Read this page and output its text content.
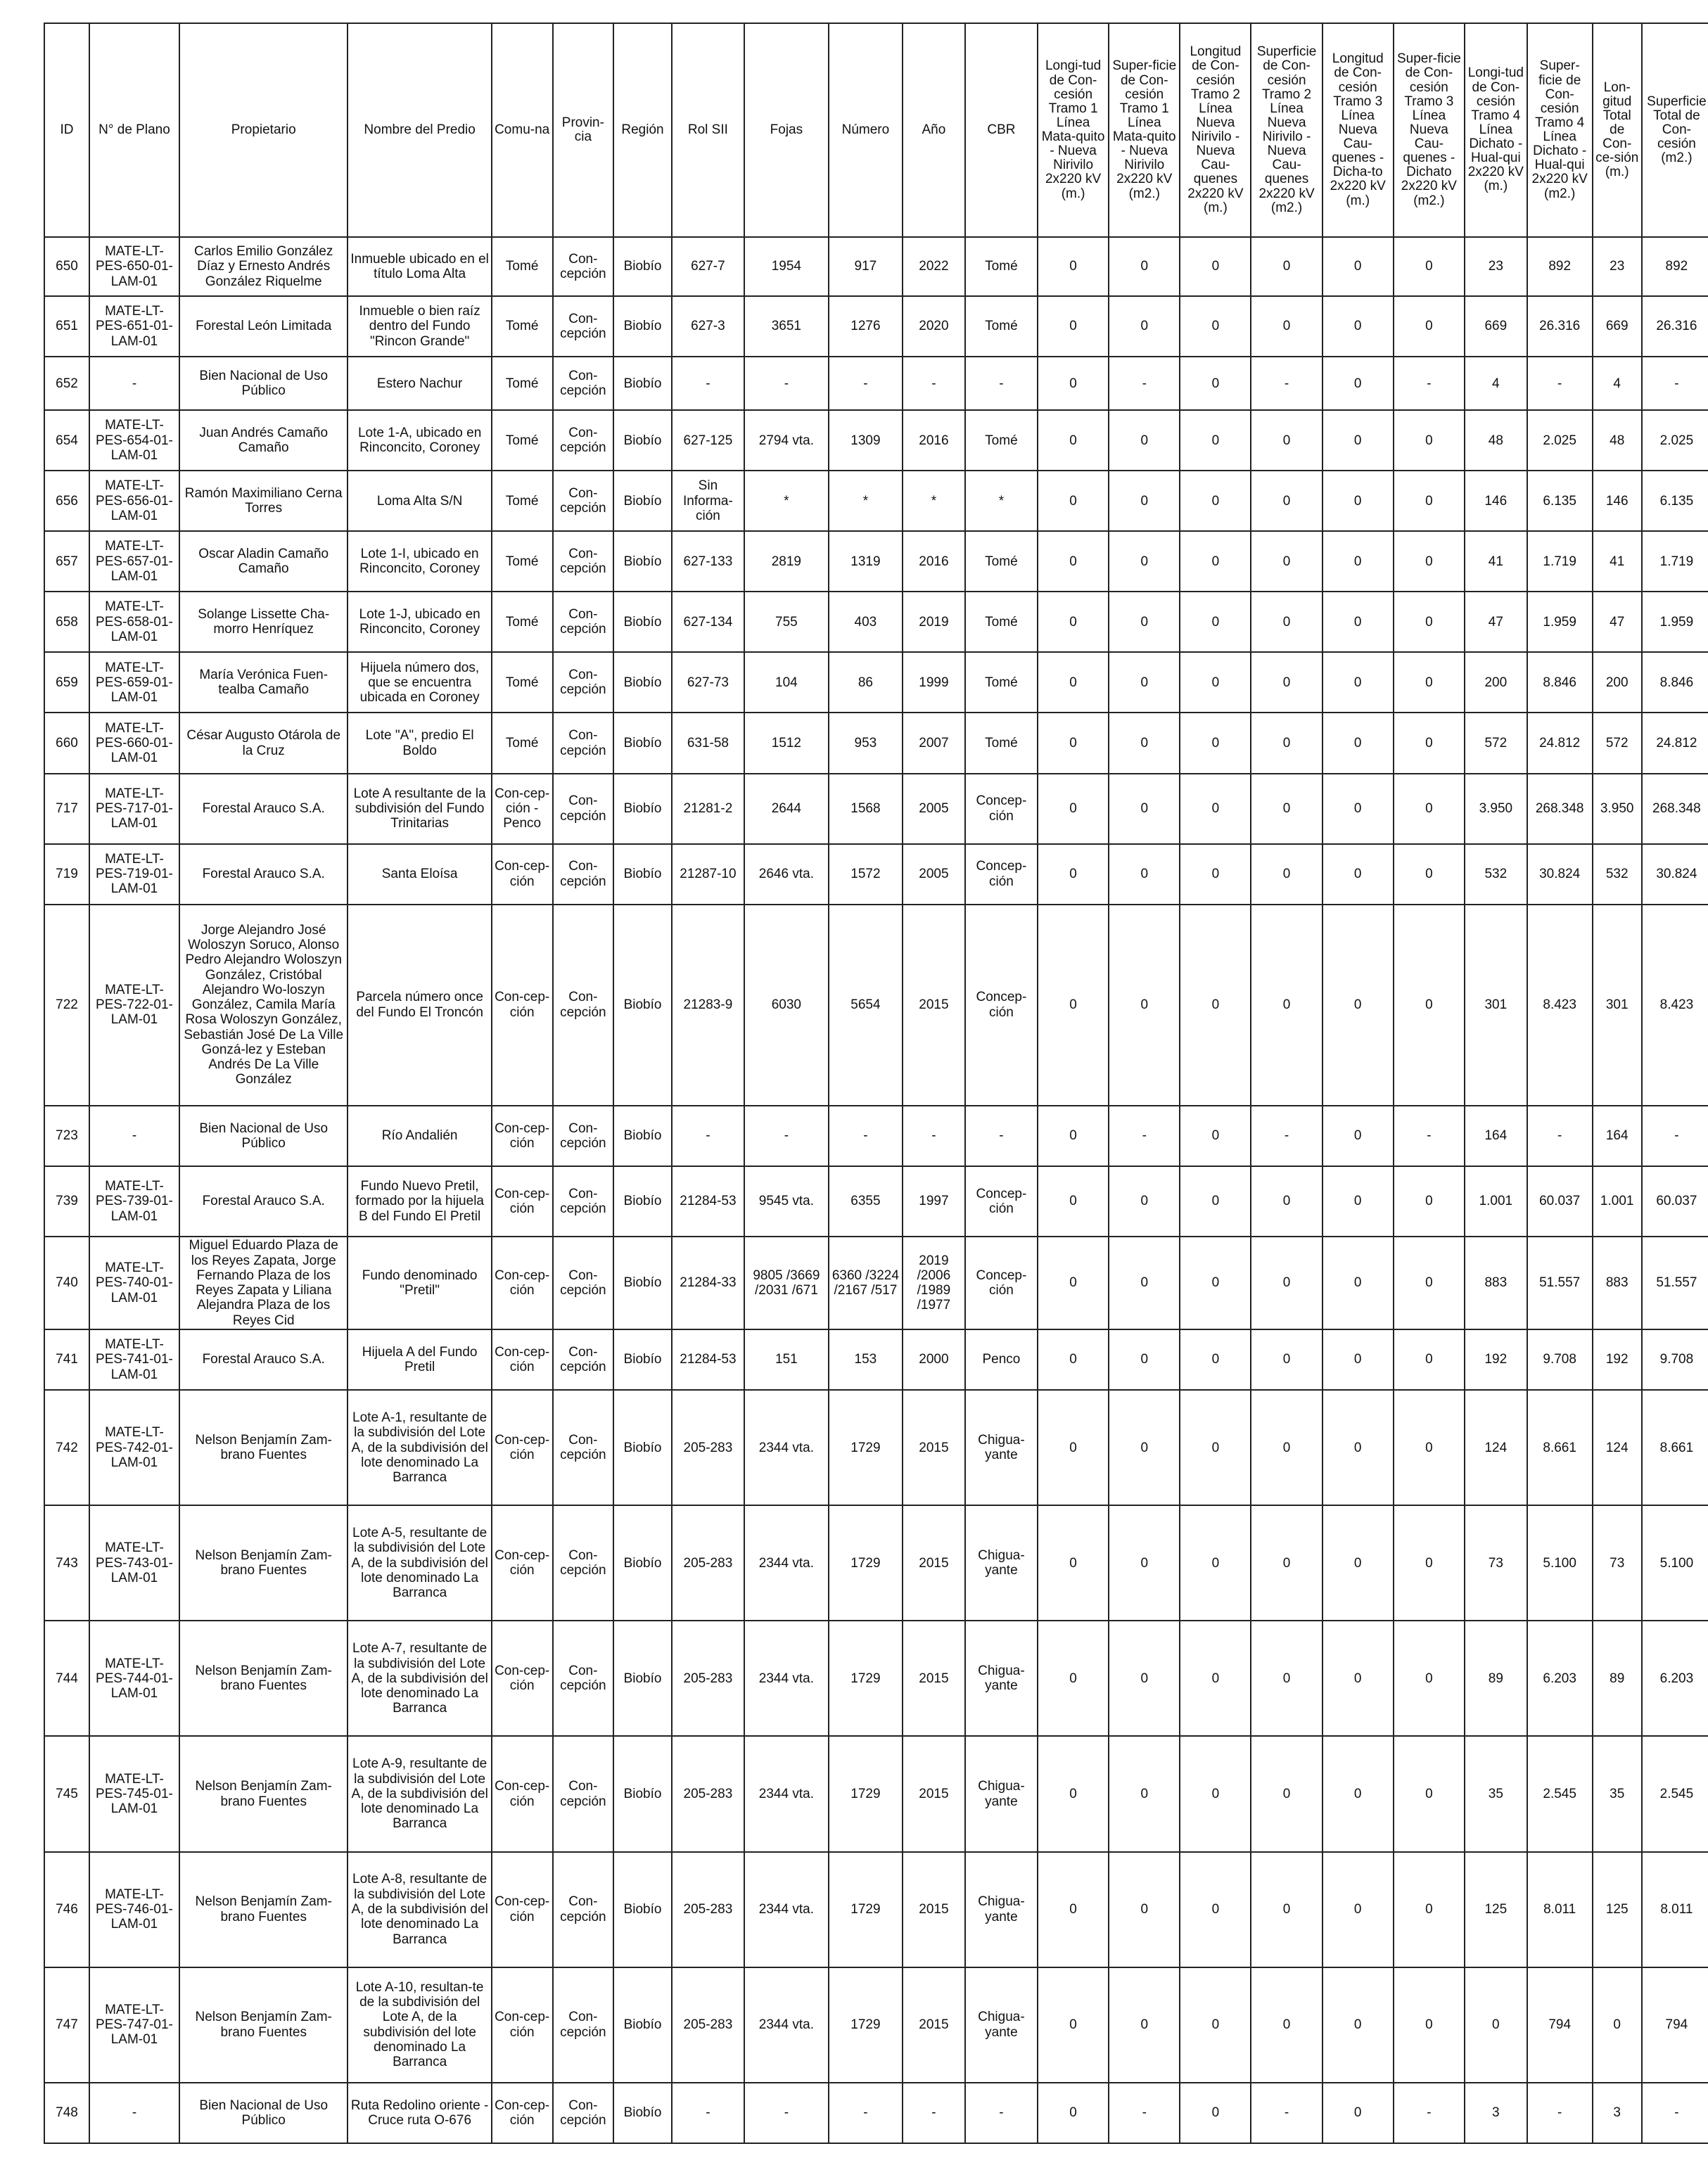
ID	N° de Plano	Propietario	Nombre del Predio	Comu-na	Provin-cia	Región	Rol SII	Fojas	Número	Año	CBR	Longi-tud de Con-cesión Tramo 1 Línea Mata-quito - Nueva Nirivilo 2x220 kV (m.)	Super-ficie de Con-cesión Tramo 1 Línea Mata-quito - Nueva Nirivilo 2x220 kV (m2.)	Longitud de Con-cesión Tramo 2 Línea Nueva Nirivilo - Nueva Cau-quenes 2x220 kV (m.)	Superficie de Con-cesión Tramo 2 Línea Nueva Nirivilo - Nueva Cau-quenes 2x220 kV (m2.)	Longitud de Con-cesión Tramo 3 Línea Nueva Cau-quenes - Dicha-to 2x220 kV (m.)	Super-ficie de Con-cesión Tramo 3 Línea Nueva Cau-quenes - Dichato 2x220 kV (m2.)	Longi-tud de Con-cesión Tramo 4 Línea Dichato - Hual-qui 2x220 kV (m.)	Super-ficie de Con-cesión Tramo 4 Línea Dichato - Hual-qui 2x220 kV (m2.)	Lon-gitud Total de Con-ce-sión (m.)	Superficie Total de Con-cesión (m2.)
650	MATE-LT-PES-650-01-LAM-01	Carlos Emilio González Díaz y Ernesto Andrés González Riquelme	Inmueble ubicado en el título Loma Alta	Tomé	Con-cepción	Biobío	627-7	1954	917	2022	Tomé	0	0	0	0	0	0	23	892	23	892
651	MATE-LT-PES-651-01-LAM-01	Forestal León Limitada	Inmueble o bien raíz dentro del Fundo "Rincon Grande"	Tomé	Con-cepción	Biobío	627-3	3651	1276	2020	Tomé	0	0	0	0	0	0	669	26.316	669	26.316
652	-	Bien Nacional de Uso Público	Estero Nachur	Tomé	Con-cepción	Biobío	-	-	-	-	-	0	-	0	-	0	-	4	-	4	-
654	MATE-LT-PES-654-01-LAM-01	Juan Andrés Camaño Camaño	Lote 1-A, ubicado en Rinconcito, Coroney	Tomé	Con-cepción	Biobío	627-125	2794 vta.	1309	2016	Tomé	0	0	0	0	0	0	48	2.025	48	2.025
656	MATE-LT-PES-656-01-LAM-01	Ramón Maximiliano Cerna Torres	Loma Alta S/N	Tomé	Con-cepción	Biobío	Sin Informa-ción	*	*	*	*	0	0	0	0	0	0	146	6.135	146	6.135
657	MATE-LT-PES-657-01-LAM-01	Oscar Aladin Camaño Camaño	Lote 1-I, ubicado en Rinconcito, Coroney	Tomé	Con-cepción	Biobío	627-133	2819	1319	2016	Tomé	0	0	0	0	0	0	41	1.719	41	1.719
658	MATE-LT-PES-658-01-LAM-01	Solange Lissette Cha-morro Henríquez	Lote 1-J, ubicado en Rinconcito, Coroney	Tomé	Con-cepción	Biobío	627-134	755	403	2019	Tomé	0	0	0	0	0	0	47	1.959	47	1.959
659	MATE-LT-PES-659-01-LAM-01	María Verónica Fuen-tealba Camaño	Hijuela número dos, que se encuentra ubicada en Coroney	Tomé	Con-cepción	Biobío	627-73	104	86	1999	Tomé	0	0	0	0	0	0	200	8.846	200	8.846
660	MATE-LT-PES-660-01-LAM-01	César Augusto Otárola de la Cruz	Lote "A", predio El Boldo	Tomé	Con-cepción	Biobío	631-58	1512	953	2007	Tomé	0	0	0	0	0	0	572	24.812	572	24.812
717	MATE-LT-PES-717-01-LAM-01	Forestal Arauco S.A.	Lote A resultante de la subdivisión del Fundo Trinitarias	Con-cep-ción - Penco	Con-cepción	Biobío	21281-2	2644	1568	2005	Concep-ción	0	0	0	0	0	0	3.950	268.348	3.950	268.348
719	MATE-LT-PES-719-01-LAM-01	Forestal Arauco S.A.	Santa Eloísa	Con-cep-ción	Con-cepción	Biobío	21287-10	2646 vta.	1572	2005	Concep-ción	0	0	0	0	0	0	532	30.824	532	30.824
722	MATE-LT-PES-722-01-LAM-01	Jorge Alejandro José Woloszyn Soruco, Alonso Pedro Alejandro Woloszyn González, Cristóbal Alejandro Wo-loszyn González, Camila María Rosa Woloszyn González, Sebastián José De La Ville Gonzá-lez y Esteban Andrés De La Ville González	Parcela número once del Fundo El Troncón	Con-cep-ción	Con-cepción	Biobío	21283-9	6030	5654	2015	Concep-ción	0	0	0	0	0	0	301	8.423	301	8.423
723	-	Bien Nacional de Uso Público	Río Andalién	Con-cep-ción	Con-cepción	Biobío	-	-	-	-	-	0	-	0	-	0	-	164	-	164	-
739	MATE-LT-PES-739-01-LAM-01	Forestal Arauco S.A.	Fundo Nuevo Pretil, formado por la hijuela B del Fundo El Pretil	Con-cep-ción	Con-cepción	Biobío	21284-53	9545 vta.	6355	1997	Concep-ción	0	0	0	0	0	0	1.001	60.037	1.001	60.037
740	MATE-LT-PES-740-01-LAM-01	Miguel Eduardo Plaza de los Reyes Zapata, Jorge Fernando Plaza de los Reyes Zapata y Liliana Alejandra Plaza de los Reyes Cid	Fundo denominado "Pretil"	Con-cep-ción	Con-cepción	Biobío	21284-33	9805 /3669 /2031 /671	6360 /3224 /2167 /517	2019 /2006 /1989 /1977	Concep-ción	0	0	0	0	0	0	883	51.557	883	51.557
741	MATE-LT-PES-741-01-LAM-01	Forestal Arauco S.A.	Hijuela A del Fundo Pretil	Con-cep-ción	Con-cepción	Biobío	21284-53	151	153	2000	Penco	0	0	0	0	0	0	192	9.708	192	9.708
742	MATE-LT-PES-742-01-LAM-01	Nelson Benjamín Zam-brano Fuentes	Lote A-1, resultante de la subdivisión del Lote A, de la subdivisión del lote denominado La Barranca	Con-cep-ción	Con-cepción	Biobío	205-283	2344 vta.	1729	2015	Chigua-yante	0	0	0	0	0	0	124	8.661	124	8.661
743	MATE-LT-PES-743-01-LAM-01	Nelson Benjamín Zam-brano Fuentes	Lote A-5, resultante de la subdivisión del Lote A, de la subdivisión del lote denominado La Barranca	Con-cep-ción	Con-cepción	Biobío	205-283	2344 vta.	1729	2015	Chigua-yante	0	0	0	0	0	0	73	5.100	73	5.100
744	MATE-LT-PES-744-01-LAM-01	Nelson Benjamín Zam-brano Fuentes	Lote A-7, resultante de la subdivisión del Lote A, de la subdivisión del lote denominado La Barranca	Con-cep-ción	Con-cepción	Biobío	205-283	2344 vta.	1729	2015	Chigua-yante	0	0	0	0	0	0	89	6.203	89	6.203
745	MATE-LT-PES-745-01-LAM-01	Nelson Benjamín Zam-brano Fuentes	Lote A-9, resultante de la subdivisión del Lote A, de la subdivisión del lote denominado La Barranca	Con-cep-ción	Con-cepción	Biobío	205-283	2344 vta.	1729	2015	Chigua-yante	0	0	0	0	0	0	35	2.545	35	2.545
746	MATE-LT-PES-746-01-LAM-01	Nelson Benjamín Zam-brano Fuentes	Lote A-8, resultante de la subdivisión del Lote A, de la subdivisión del lote denominado La Barranca	Con-cep-ción	Con-cepción	Biobío	205-283	2344 vta.	1729	2015	Chigua-yante	0	0	0	0	0	0	125	8.011	125	8.011
747	MATE-LT-PES-747-01-LAM-01	Nelson Benjamín Zam-brano Fuentes	Lote A-10, resultan-te de la subdivisión del Lote A, de la subdivisión del lote denominado La Barranca	Con-cep-ción	Con-cepción	Biobío	205-283	2344 vta.	1729	2015	Chigua-yante	0	0	0	0	0	0	0	794	0	794
748	-	Bien Nacional de Uso Público	Ruta Redolino oriente - Cruce ruta O-676	Con-cep-ción	Con-cepción	Biobío	-	-	-	-	-	0	-	0	-	0	-	3	-	3	-
